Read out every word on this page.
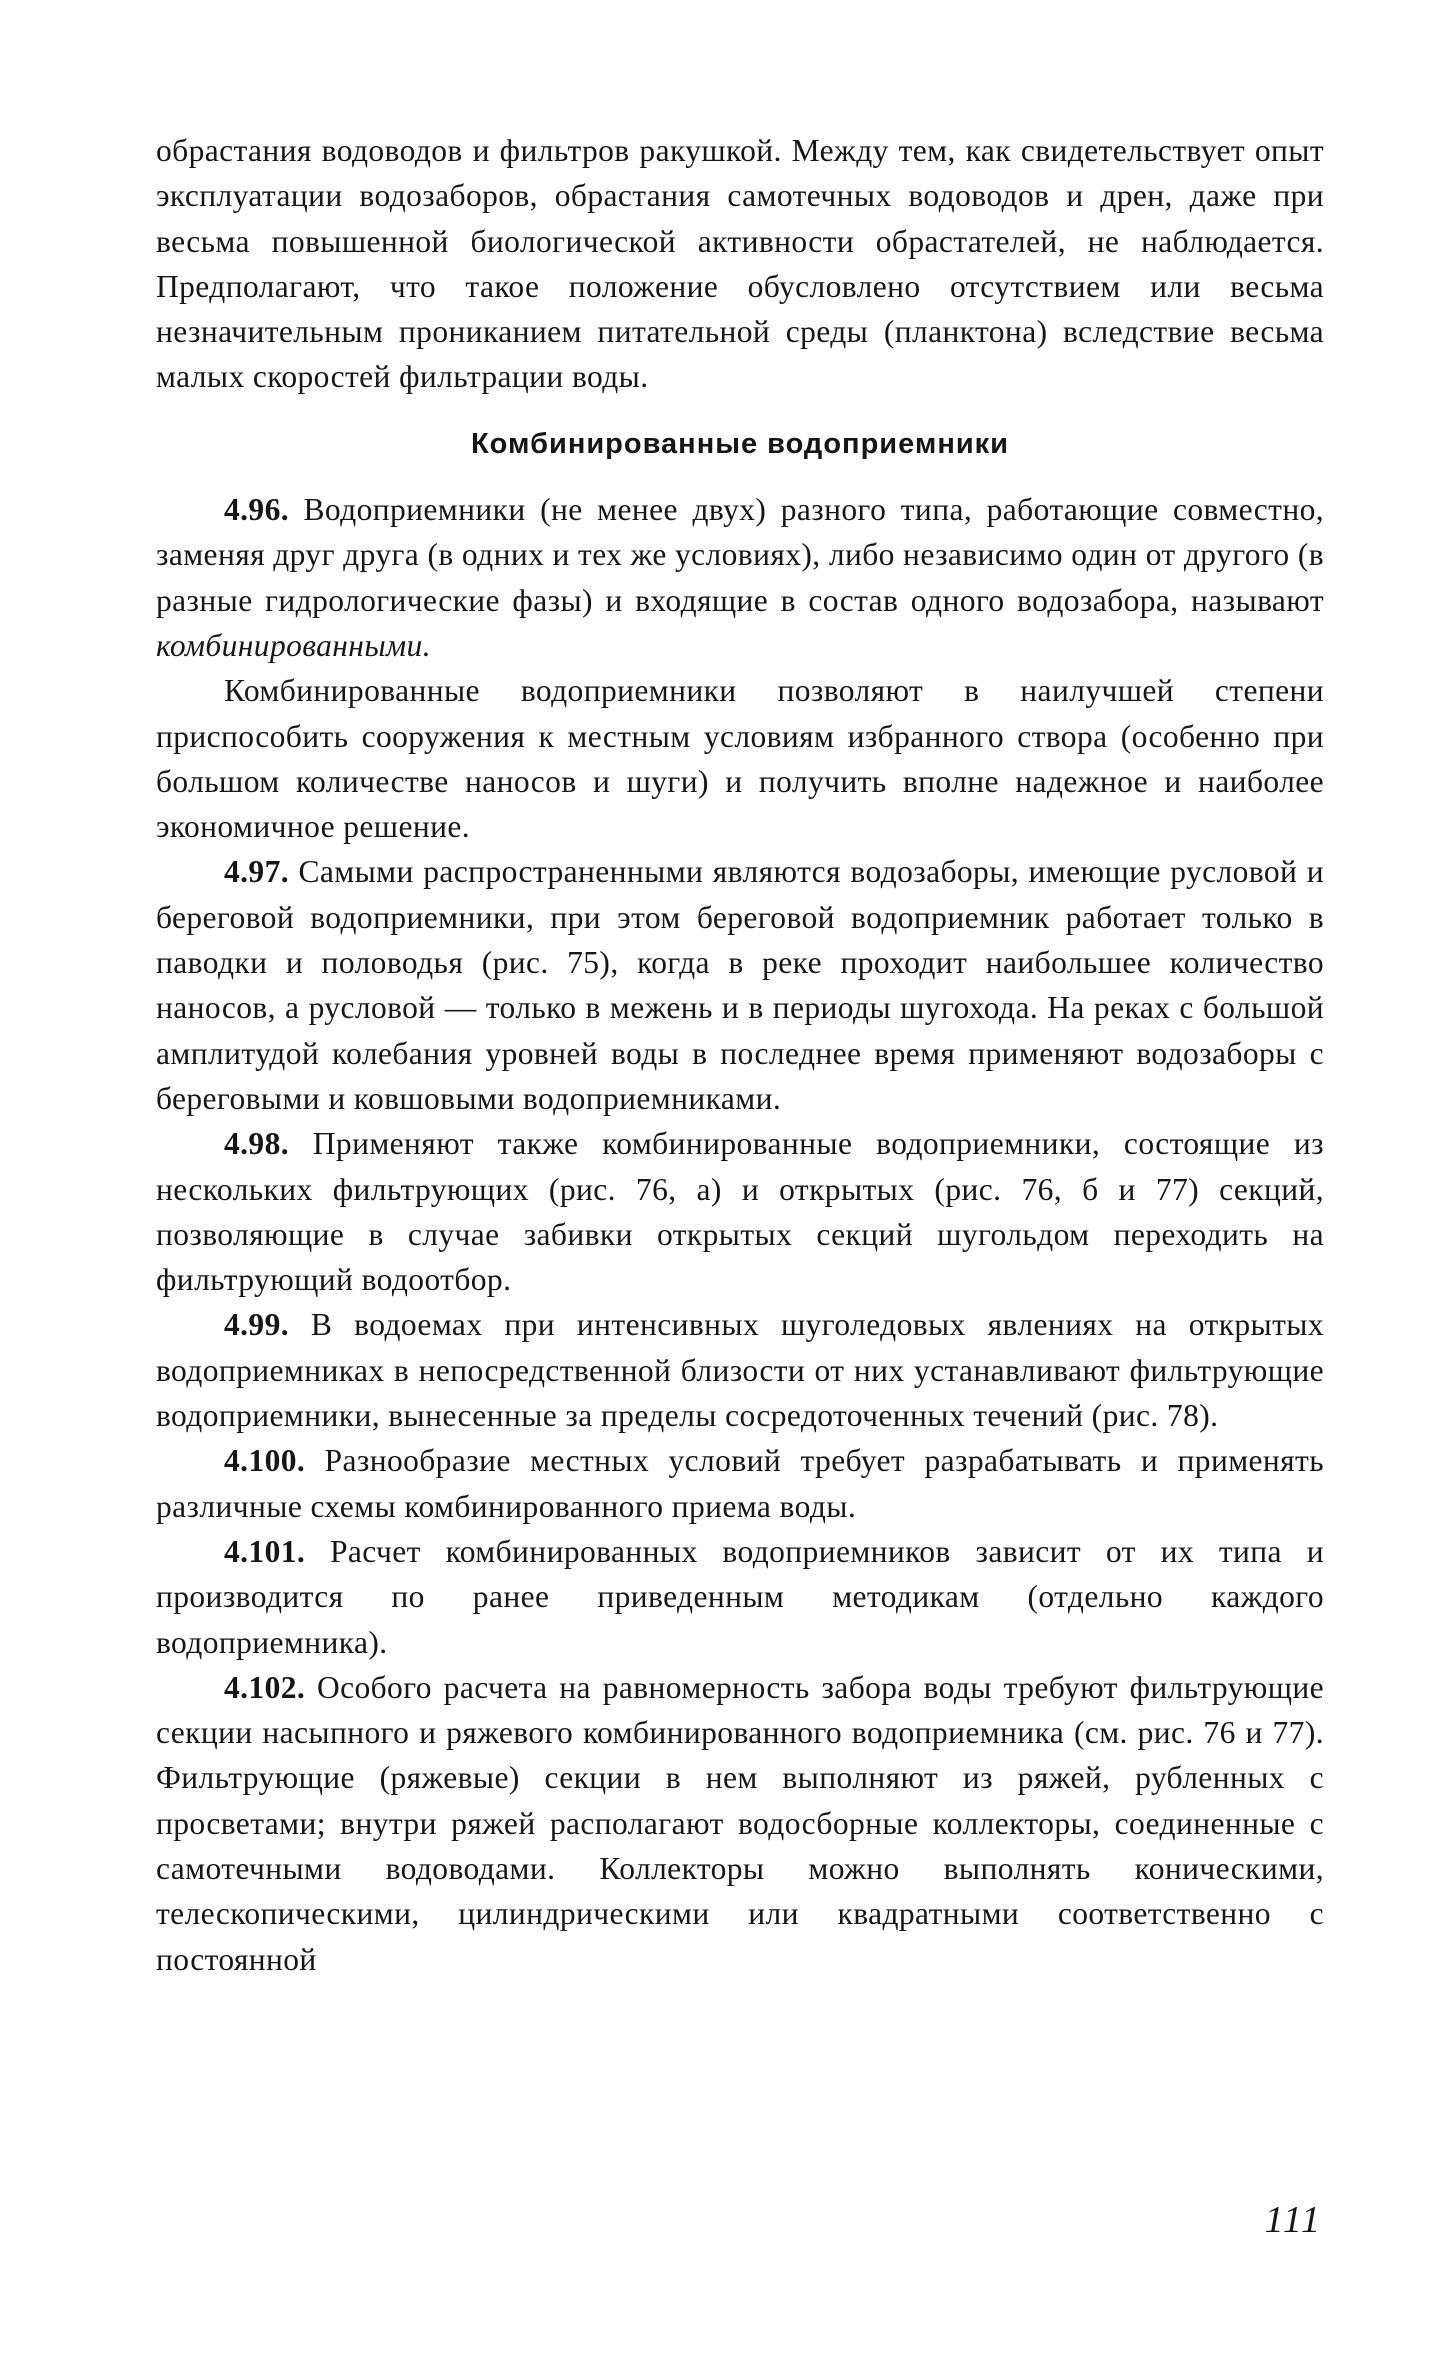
обрастания водоводов и фильтров ракушкой. Между тем, как свидетельствует опыт эксплуатации водозаборов, обрастания самотечных водоводов и дрен, даже при весьма повышенной биологической активности обрастателей, не наблюдается. Предполагают, что такое положение обусловлено отсутствием или весьма незначительным прониканием питательной среды (планктона) вследствие весьма малых скоростей фильтрации воды.

Комбинированные водоприемники

4.96. Водоприемники (не менее двух) разного типа, работающие совместно, заменяя друг друга (в одних и тех же условиях), либо независимо один от другого (в разные гидрологические фазы) и входящие в состав одного водозабора, называют комбинированными.

Комбинированные водоприемники позволяют в наилучшей степени приспособить сооружения к местным условиям избранного створа (особенно при большом количестве наносов и шуги) и получить вполне надежное и наиболее экономичное решение.

4.97. Самыми распространенными являются водозаборы, имеющие русловой и береговой водоприемники, при этом береговой водоприемник работает только в паводки и половодья (рис. 75), когда в реке проходит наибольшее количество наносов, а русловой — только в межень и в периоды шугохода. На реках с большой амплитудой колебания уровней воды в последнее время применяют водозаборы с береговыми и ковшовыми водоприемниками.

4.98. Применяют также комбинированные водоприемники, состоящие из нескольких фильтрующих (рис. 76, а) и открытых (рис. 76, б и 77) секций, позволяющие в случае забивки открытых секций шугольдом переходить на фильтрующий водоотбор.

4.99. В водоемах при интенсивных шуголедовых явлениях на открытых водоприемниках в непосредственной близости от них устанавливают фильтрующие водоприемники, вынесенные за пределы сосредоточенных течений (рис. 78).

4.100. Разнообразие местных условий требует разрабатывать и применять различные схемы комбинированного приема воды.

4.101. Расчет комбинированных водоприемников зависит от их типа и производится по ранее приведенным методикам (отдельно каждого водоприемника).

4.102. Особого расчета на равномерность забора воды требуют фильтрующие секции насыпного и ряжевого комбинированного водоприемника (см. рис. 76 и 77). Фильтрующие (ряжевые) секции в нем выполняют из ряжей, рубленных с просветами; внутри ряжей располагают водосборные коллекторы, соединенные с самотечными водоводами. Коллекторы можно выполнять коническими, телескопическими, цилиндрическими или квадратными соответственно с постоянной

111
